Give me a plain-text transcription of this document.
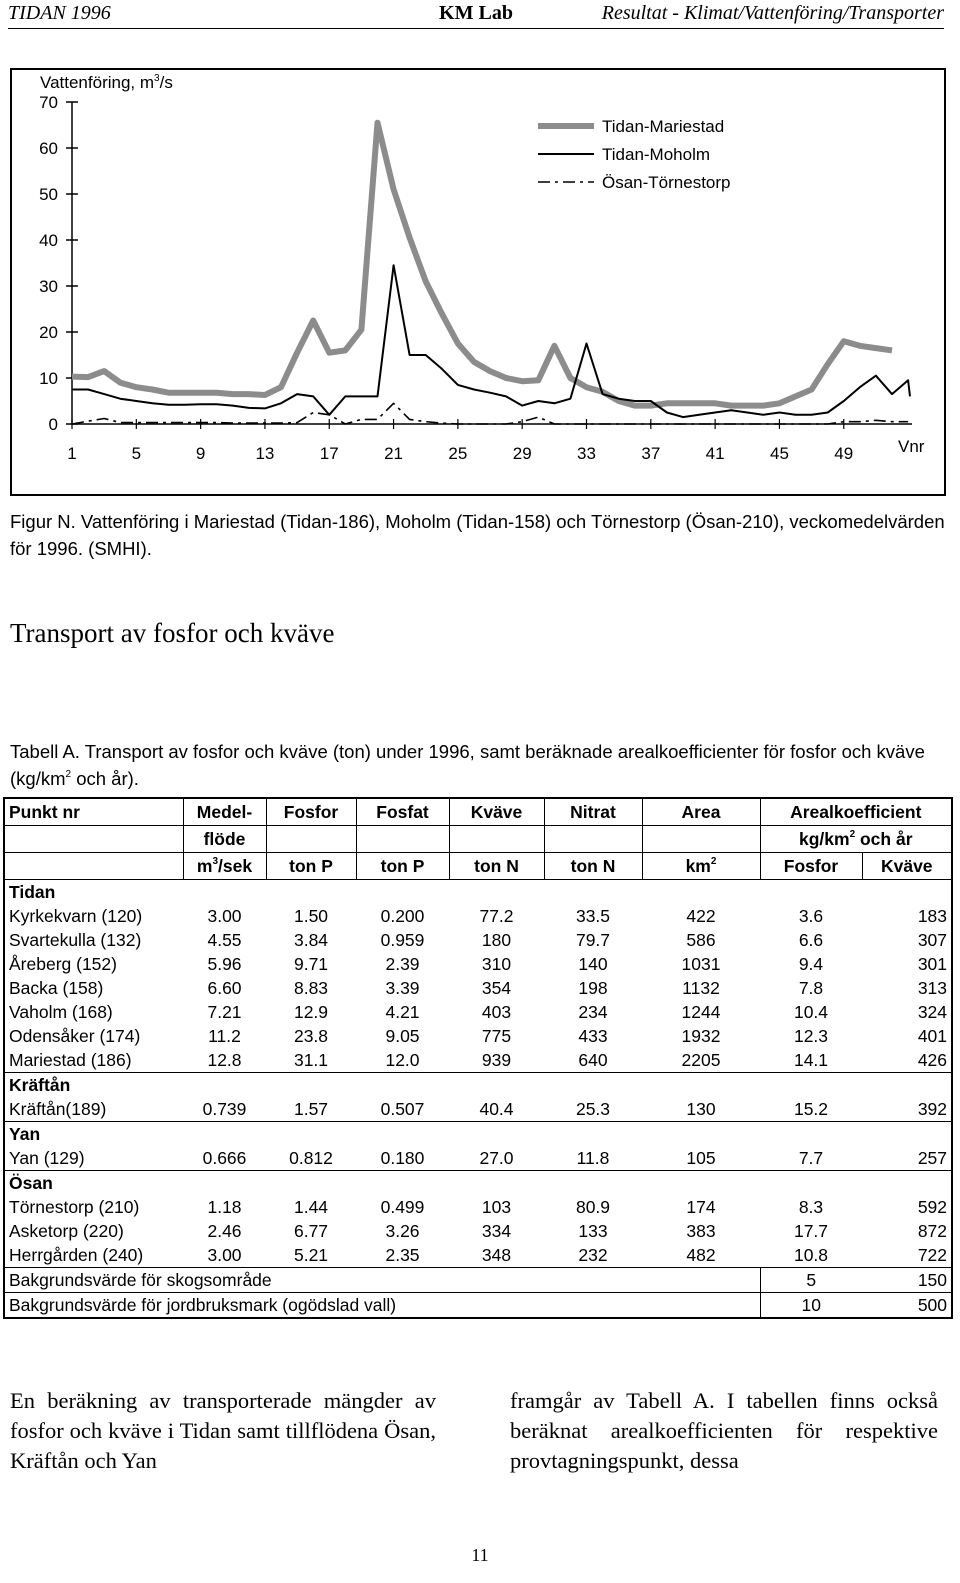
TIDAN 1996	KM Lab	Resultat - Klimat/Vattenföring/Transporter
Vattenföring, $m^3/s$
0
10
20
30
40
50
60
70
1	5	9	13	17	21	25	29	33	37	41	45	49	Vnr
Tidan-Mariestad
Tidan-Moholm
Ösan-Törnestorp
Figur N. Vattenföring i Mariestad (Tidan-186), Moholm (Tidan-158) och Törnestorp (Ösan-210), veckomedelvärden för 1996. (SMHI).
Transport av fosfor och kväve
Tabell A. Transport av fosfor och kväve (ton) under 1996, samt beräknade arealkoefficienter för fosfor och kväve ($kg/km^2$ och år).
Punkt nr	Medel-	Fosfor	Fosfat	Kväve	Nitrat	Area	Arealkoefficient	
	flöde						$kg/km^2$ och år	
	$m^3$/sek	ton P	ton P	ton N	ton N	$km^2$	Fosfor	Kväve
Tidan								
Kyrkekvarn (120)	3.00	1.50	0.200	77.2	33.5	422	3.6	183
Svartekulla (132)	4.55	3.84	0.959	180	79.7	586	6.6	307
Åreberg (152)	5.96	9.71	2.39	310	140	1031	9.4	301
Backa (158)	6.60	8.83	3.39	354	198	1132	7.8	313
Vaholm (168)	7.21	12.9	4.21	403	234	1244	10.4	324
Odensåker (174)	11.2	23.8	9.05	775	433	1932	12.3	401
Mariestad (186)	12.8	31.1	12.0	939	640	2205	14.1	426
Kräftån								
Kräftån(189)	0.739	1.57	0.507	40.4	25.3	130	15.2	392
Yan								
Yan (129)	0.666	0.812	0.180	27.0	11.8	105	7.7	257
Ösan								
Törnestorp (210)	1.18	1.44	0.499	103	80.9	174	8.3	592
Asketorp (220)	2.46	6.77	3.26	334	133	383	17.7	872
Herrgården (240)	3.00	5.21	2.35	348	232	482	10.8	722
Bakgrundsvärde för skogsområde							5	150
Bakgrundsvärde för jordbruksmark (ogödslad vall)							10	500
En beräkning av transporterade mängder av fosfor och kväve i Tidan samt tillflödena Ösan, Kräftån och Yan
framgår av Tabell A. I tabellen finns också beräknat arealkoefficienten för respektive provtagningspunkt, dessa
11
